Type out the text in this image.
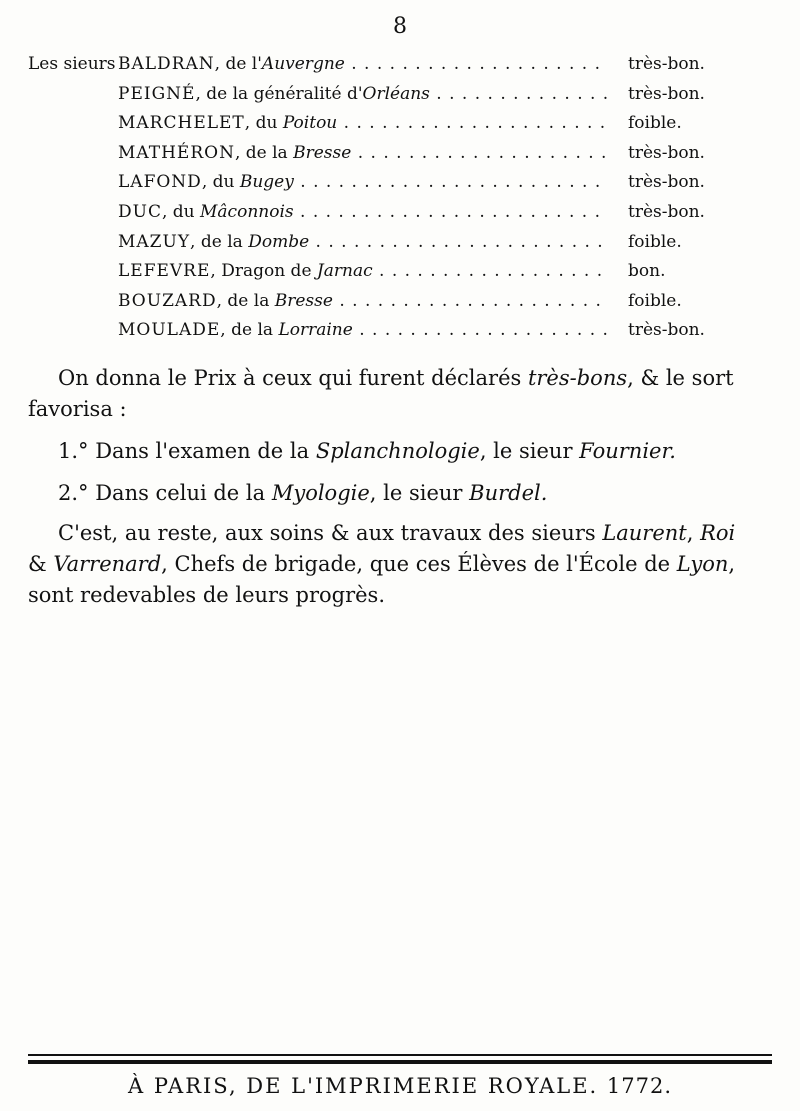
8
Les sieurs BALDRAN, de l'Auvergne . . .	très-bon.
PEIGNÉ, de la généralité d'Orléans . . .	très-bon.
MARCHELET, du Poitou . . .	foible.
MATHÉRON, de la Bresse . . .	très-bon.
LAFOND, du Bugey . . .	très-bon.
DUC, du Mâconnois . . .	très-bon.
MAZUY, de la Dombe . . .	foible.
LEFEVRE, Dragon de Jarnac . . .	bon.
BOUZARD, de la Bresse . . .	foible.
MOULADE, de la Lorraine . . .	très-bon.

On donna le Prix à ceux qui furent déclarés très-bons, & le sort favorisa :

1.° Dans l'examen de la Splanchnologie, le sieur Fournier.

2.° Dans celui de la Myologie, le sieur Burdel.

C'est, au reste, aux soins & aux travaux des sieurs Laurent, Roi & Varrenard, Chefs de brigade, que ces Élèves de l'École de Lyon, sont redevables de leurs progrès.

À PARIS, DE L'IMPRIMERIE ROYALE. 1772.
